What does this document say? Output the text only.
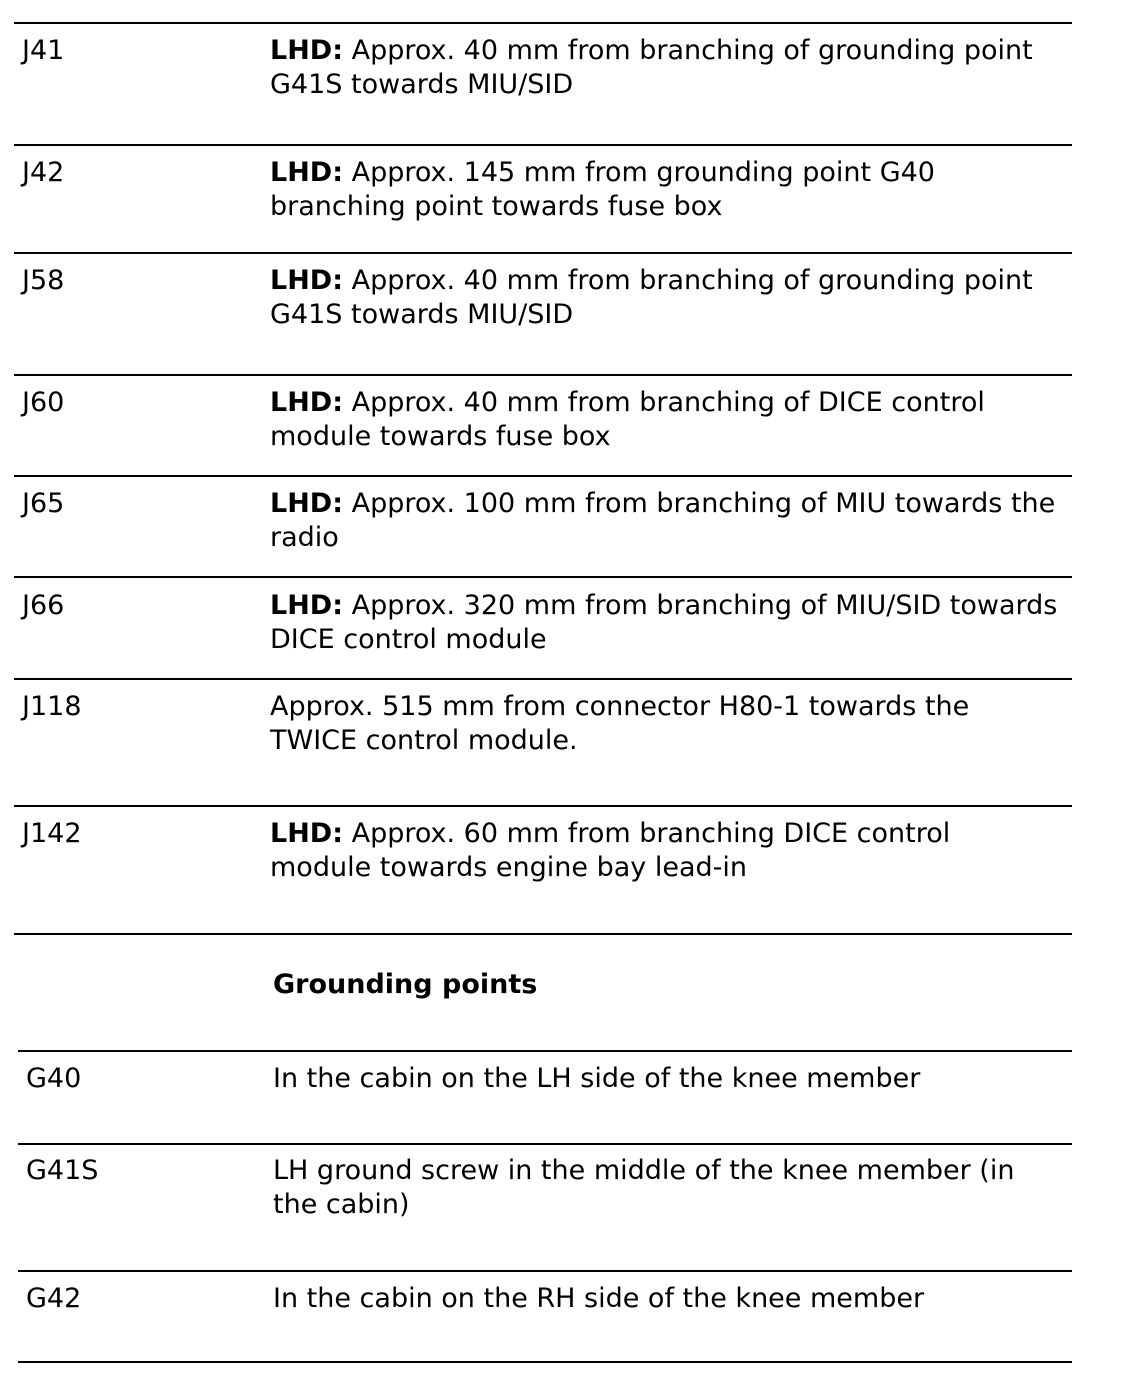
J41	LHD: Approx. 40 mm from branching of grounding point G41S towards MIU/SID
J42	LHD: Approx. 145 mm from grounding point G40 branching point towards fuse box
J58	LHD: Approx. 40 mm from branching of grounding point G41S towards MIU/SID
J60	LHD: Approx. 40 mm from branching of DICE control module towards fuse box
J65	LHD: Approx. 100 mm from branching of MIU towards the radio
J66	LHD: Approx. 320 mm from branching of MIU/SID towards DICE control module
J118	Approx. 515 mm from connector H80-1 towards the TWICE control module.
J142	LHD: Approx. 60 mm from branching DICE control module towards engine bay lead-in
Grounding points
G40	In the cabin on the LH side of the knee member
G41S	LH ground screw in the middle of the knee member (in the cabin)
G42	In the cabin on the RH side of the knee member
